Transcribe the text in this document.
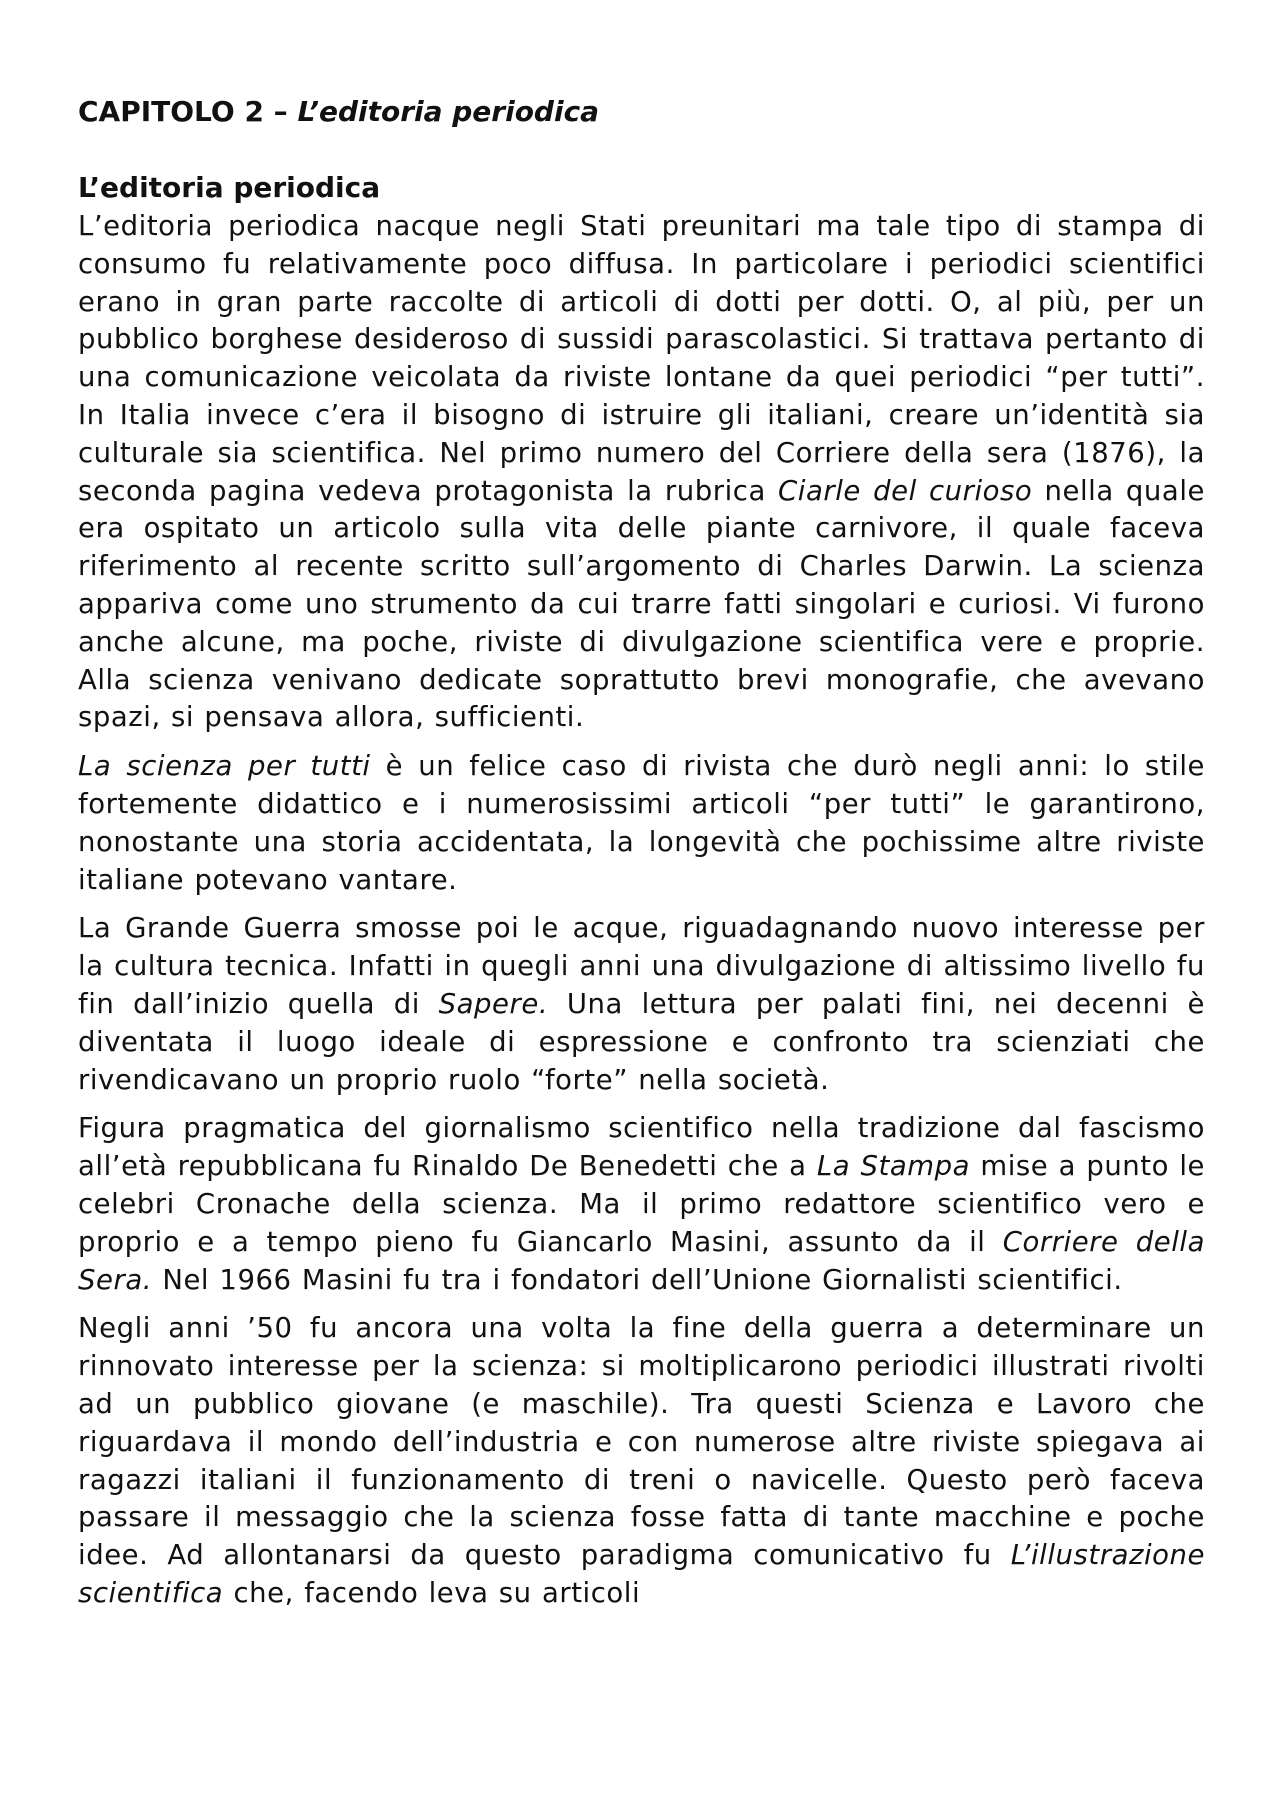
CAPITOLO 2 – L’editoria periodica
L’editoria periodica

L’editoria periodica nacque negli Stati preunitari ma tale tipo di stampa di consumo fu relativamente poco diffusa. In particolare i periodici scientifici erano in gran parte raccolte di articoli di dotti per dotti. O, al più, per un pubblico borghese desideroso di sussidi parascolastici. Si trattava pertanto di una comunicazione veicolata da riviste lontane da quei periodici “per tutti”. In Italia invece c’era il bisogno di istruire gli italiani, creare un’identità sia culturale sia scientifica. Nel primo numero del Corriere della sera (1876), la seconda pagina vedeva protagonista la rubrica Ciarle del curioso nella quale era ospitato un articolo sulla vita delle piante carnivore, il quale faceva riferimento al recente scritto sull’argomento di Charles Darwin. La scienza appariva come uno strumento da cui trarre fatti singolari e curiosi. Vi furono anche alcune, ma poche, riviste di divulgazione scientifica vere e proprie. Alla scienza venivano dedicate soprattutto brevi monografie, che avevano spazi, si pensava allora, sufficienti.

La scienza per tutti è un felice caso di rivista che durò negli anni: lo stile fortemente didattico e i numerosissimi articoli “per tutti” le garantirono, nonostante una storia accidentata, la longevità che pochissime altre riviste italiane potevano vantare.

La Grande Guerra smosse poi le acque, riguadagnando nuovo interesse per la cultura tecnica. Infatti in quegli anni una divulgazione di altissimo livello fu fin dall’inizio quella di Sapere. Una lettura per palati fini, nei decenni è diventata il luogo ideale di espressione e confronto tra scienziati che rivendicavano un proprio ruolo “forte” nella società.

Figura pragmatica del giornalismo scientifico nella tradizione dal fascismo all’età repubblicana fu Rinaldo De Benedetti che a La Stampa mise a punto le celebri Cronache della scienza. Ma il primo redattore scientifico vero e proprio e a tempo pieno fu Giancarlo Masini, assunto da il Corriere della Sera. Nel 1966 Masini fu tra i fondatori dell’Unione Giornalisti scientifici.

Negli anni ’50 fu ancora una volta la fine della guerra a determinare un rinnovato interesse per la scienza: si moltiplicarono periodici illustrati rivolti ad un pubblico giovane (e maschile). Tra questi Scienza e Lavoro che riguardava il mondo dell’industria e con numerose altre riviste spiegava ai ragazzi italiani il funzionamento di treni o navicelle. Questo però faceva passare il messaggio che la scienza fosse fatta di tante macchine e poche idee. Ad allontanarsi da questo paradigma comunicativo fu L’illustrazione scientifica che, facendo leva su articoli
